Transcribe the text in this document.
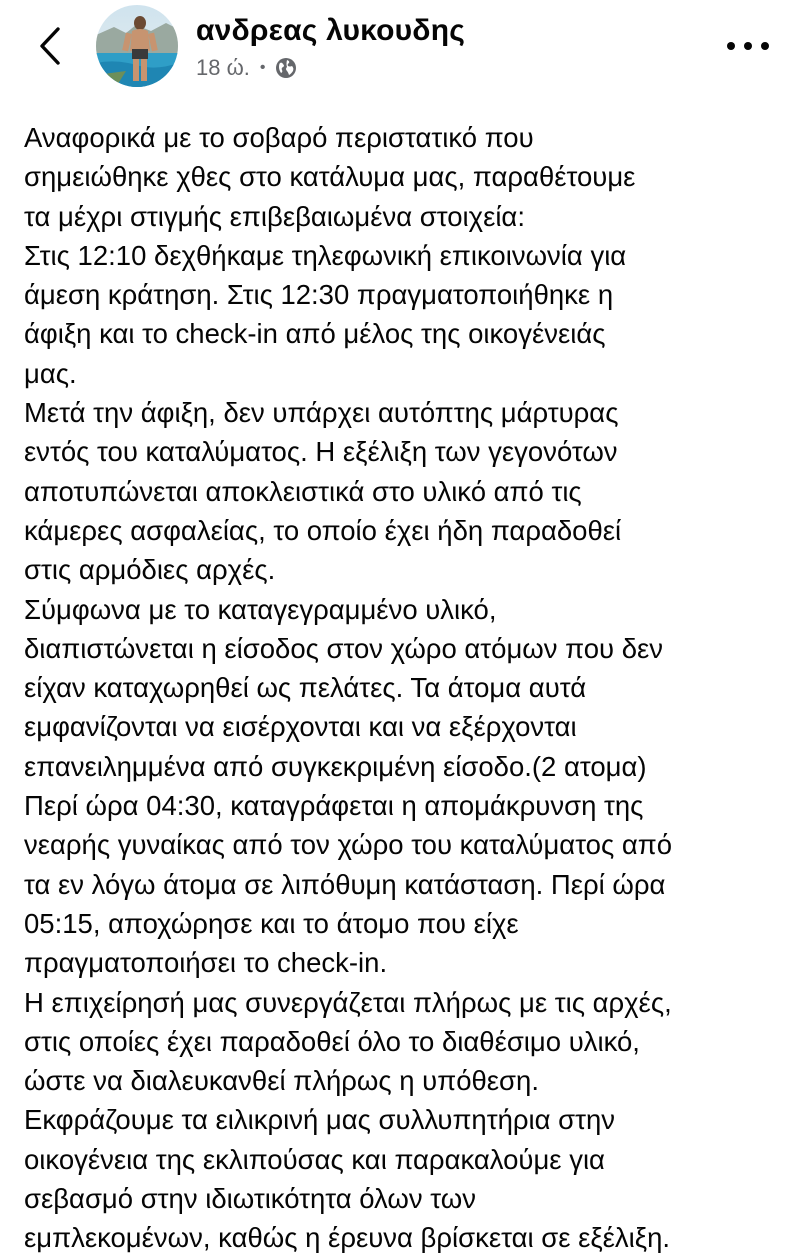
ανδρεας λυκουδης
18 ώ. •
Αναφορικά με το σοβαρό περιστατικό που
σημειώθηκε χθες στο κατάλυμα μας, παραθέτουμε
τα μέχρι στιγμής επιβεβαιωμένα στοιχεία:
Στις 12:10 δεχθήκαμε τηλεφωνική επικοινωνία για
άμεση κράτηση. Στις 12:30 πραγματοποιήθηκε η
άφιξη και το check-in από μέλος της οικογένειάς
μας.
Μετά την άφιξη, δεν υπάρχει αυτόπτης μάρτυρας
εντός του καταλύματος. Η εξέλιξη των γεγονότων
αποτυπώνεται αποκλειστικά στο υλικό από τις
κάμερες ασφαλείας, το οποίο έχει ήδη παραδοθεί
στις αρμόδιες αρχές.
Σύμφωνα με το καταγεγραμμένο υλικό,
διαπιστώνεται η είσοδος στον χώρο ατόμων που δεν
είχαν καταχωρηθεί ως πελάτες. Τα άτομα αυτά
εμφανίζονται να εισέρχονται και να εξέρχονται
επανειλημμένα από συγκεκριμένη είσοδο.(2 ατομα)
Περί ώρα 04:30, καταγράφεται η απομάκρυνση της
νεαρής γυναίκας από τον χώρο του καταλύματος από
τα εν λόγω άτομα σε λιπόθυμη κατάσταση. Περί ώρα
05:15, αποχώρησε και το άτομο που είχε
πραγματοποιήσει το check-in.
Η επιχείρησή μας συνεργάζεται πλήρως με τις αρχές,
στις οποίες έχει παραδοθεί όλο το διαθέσιμο υλικό,
ώστε να διαλευκανθεί πλήρως η υπόθεση.
Εκφράζουμε τα ειλικρινή μας συλλυπητήρια στην
οικογένεια της εκλιπούσας και παρακαλούμε για
σεβασμό στην ιδιωτικότητα όλων των
εμπλεκομένων, καθώς η έρευνα βρίσκεται σε εξέλιξη.
